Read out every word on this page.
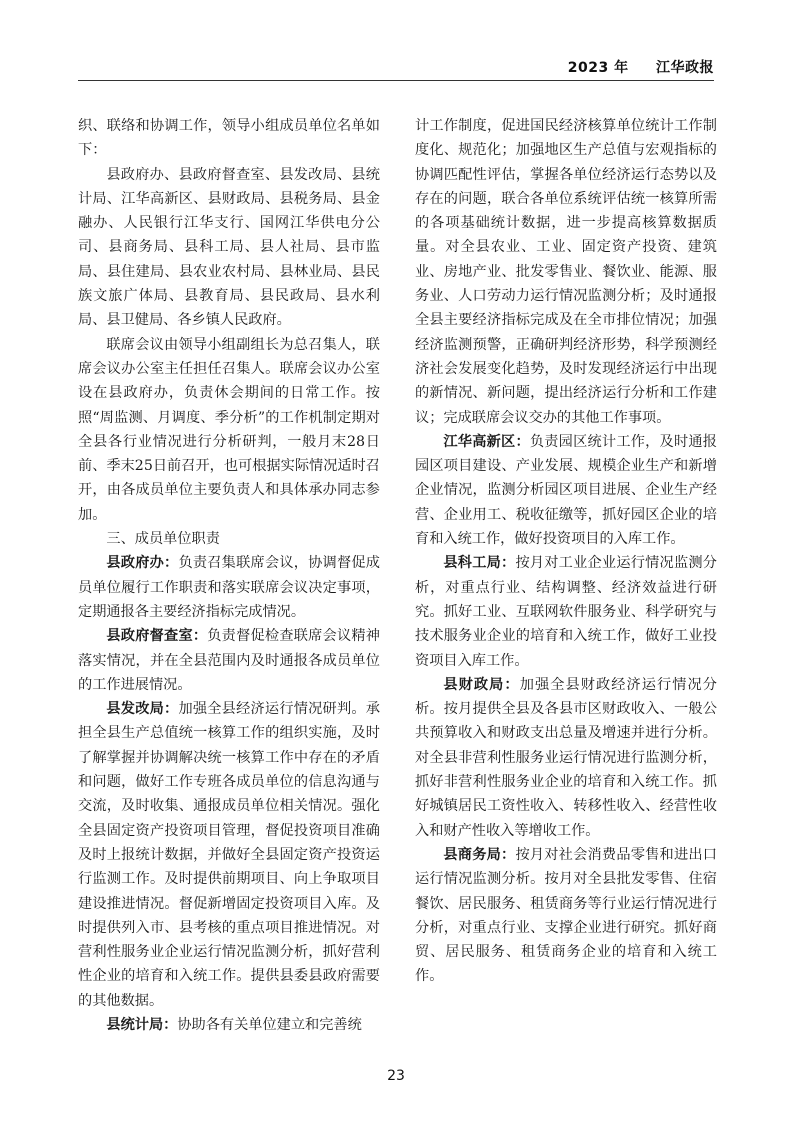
2023 年 江华政报

织、联络和协调工作，领导小组成员单位名单如下：

县政府办、县政府督查室、县发改局、县统计局、江华高新区、县财政局、县税务局、县金融办、人民银行江华支行、国网江华供电分公司、县商务局、县科工局、县人社局、县市监局、县住建局、县农业农村局、县林业局、县民族文旅广体局、县教育局、县民政局、县水利局、县卫健局、各乡镇人民政府。

联席会议由领导小组副组长为总召集人，联席会议办公室主任担任召集人。联席会议办公室设在县政府办，负责休会期间的日常工作。按照“周监测、月调度、季分析”的工作机制定期对全县各行业情况进行分析研判，一般月末28日前、季末25日前召开，也可根据实际情况适时召开，由各成员单位主要负责人和具体承办同志参加。

三、成员单位职责

县政府办：负责召集联席会议，协调督促成员单位履行工作职责和落实联席会议决定事项，定期通报各主要经济指标完成情况。

县政府督查室：负责督促检查联席会议精神落实情况，并在全县范围内及时通报各成员单位的工作进展情况。

县发改局：加强全县经济运行情况研判。承担全县生产总值统一核算工作的组织实施，及时了解掌握并协调解决统一核算工作中存在的矛盾和问题，做好工作专班各成员单位的信息沟通与交流，及时收集、通报成员单位相关情况。强化全县固定资产投资项目管理，督促投资项目准确及时上报统计数据，并做好全县固定资产投资运行监测工作。及时提供前期项目、向上争取项目建设推进情况。督促新增固定投资项目入库。及时提供列入市、县考核的重点项目推进情况。对营利性服务业企业运行情况监测分析，抓好营利性企业的培育和入统工作。提供县委县政府需要的其他数据。

县统计局：协助各有关单位建立和完善统

计工作制度，促进国民经济核算单位统计工作制度化、规范化；加强地区生产总值与宏观指标的协调匹配性评估，掌握各单位经济运行态势以及存在的问题，联合各单位系统评估统一核算所需的各项基础统计数据，进一步提高核算数据质量。对全县农业、工业、固定资产投资、建筑业、房地产业、批发零售业、餐饮业、能源、服务业、人口劳动力运行情况监测分析；及时通报全县主要经济指标完成及在全市排位情况；加强经济监测预警，正确研判经济形势，科学预测经济社会发展变化趋势，及时发现经济运行中出现的新情况、新问题，提出经济运行分析和工作建议；完成联席会议交办的其他工作事项。

江华高新区：负责园区统计工作，及时通报园区项目建设、产业发展、规模企业生产和新增企业情况，监测分析园区项目进展、企业生产经营、企业用工、税收征缴等，抓好园区企业的培育和入统工作，做好投资项目的入库工作。

县科工局：按月对工业企业运行情况监测分析，对重点行业、结构调整、经济效益进行研究。抓好工业、互联网软件服务业、科学研究与技术服务业企业的培育和入统工作，做好工业投资项目入库工作。

县财政局：加强全县财政经济运行情况分析。按月提供全县及各县市区财政收入、一般公共预算收入和财政支出总量及增速并进行分析。对全县非营利性服务业运行情况进行监测分析，抓好非营利性服务业企业的培育和入统工作。抓好城镇居民工资性收入、转移性收入、经营性收入和财产性收入等增收工作。

县商务局：按月对社会消费品零售和进出口运行情况监测分析。按月对全县批发零售、住宿餐饮、居民服务、租赁商务等行业运行情况进行分析，对重点行业、支撑企业进行研究。抓好商贸、居民服务、租赁商务企业的培育和入统工作。

23
